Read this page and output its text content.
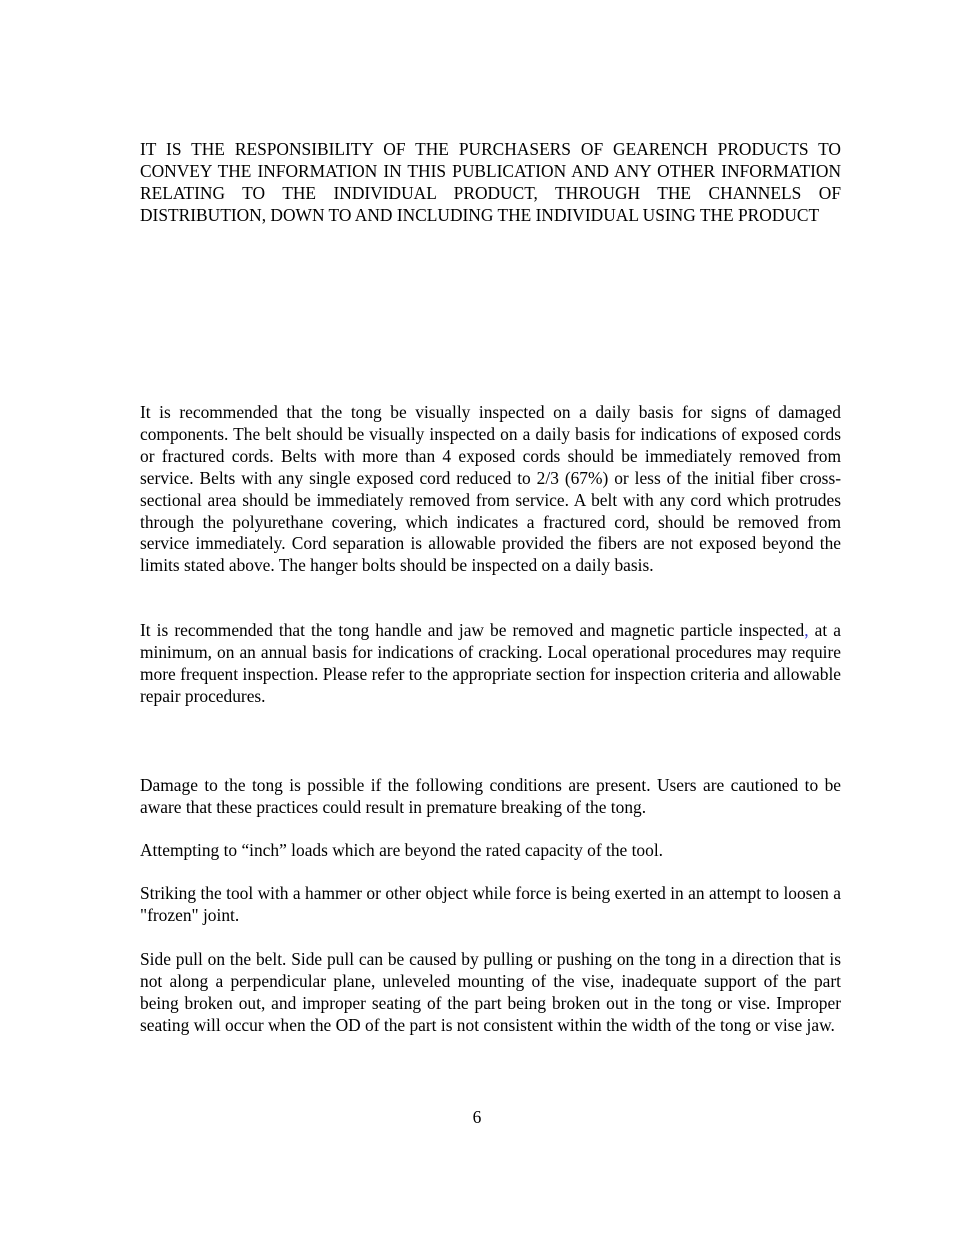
IT IS THE RESPONSIBILITY OF THE PURCHASERS OF GEARENCH PRODUCTS TO CONVEY THE INFORMATION IN THIS PUBLICATION AND ANY OTHER INFORMATION RELATING TO THE INDIVIDUAL PRODUCT, THROUGH THE CHANNELS OF DISTRIBUTION, DOWN TO AND INCLUDING THE INDIVIDUAL USING THE PRODUCT

It is recommended that the tong be visually inspected on a daily basis for signs of damaged components. The belt should be visually inspected on a daily basis for indications of exposed cords or fractured cords. Belts with more than 4 exposed cords should be immediately removed from service. Belts with any single exposed cord reduced to 2/3 (67%) or less of the initial fiber cross-sectional area should be immediately removed from service. A belt with any cord which protrudes through the polyurethane covering, which indicates a fractured cord, should be removed from service immediately. Cord separation is allowable provided the fibers are not exposed beyond the limits stated above. The hanger bolts should be inspected on a daily basis.

It is recommended that the tong handle and jaw be removed and magnetic particle inspected, at a minimum, on an annual basis for indications of cracking. Local operational procedures may require more frequent inspection. Please refer to the appropriate section for inspection criteria and allowable repair procedures.

Damage to the tong is possible if the following conditions are present. Users are cautioned to be aware that these practices could result in premature breaking of the tong.

Attempting to “inch” loads which are beyond the rated capacity of the tool.

Striking the tool with a hammer or other object while force is being exerted in an attempt to loosen a "frozen" joint.

Side pull on the belt. Side pull can be caused by pulling or pushing on the tong in a direction that is not along a perpendicular plane, unleveled mounting of the vise, inadequate support of the part being broken out, and improper seating of the part being broken out in the tong or vise. Improper seating will occur when the OD of the part is not consistent within the width of the tong or vise jaw.

6
